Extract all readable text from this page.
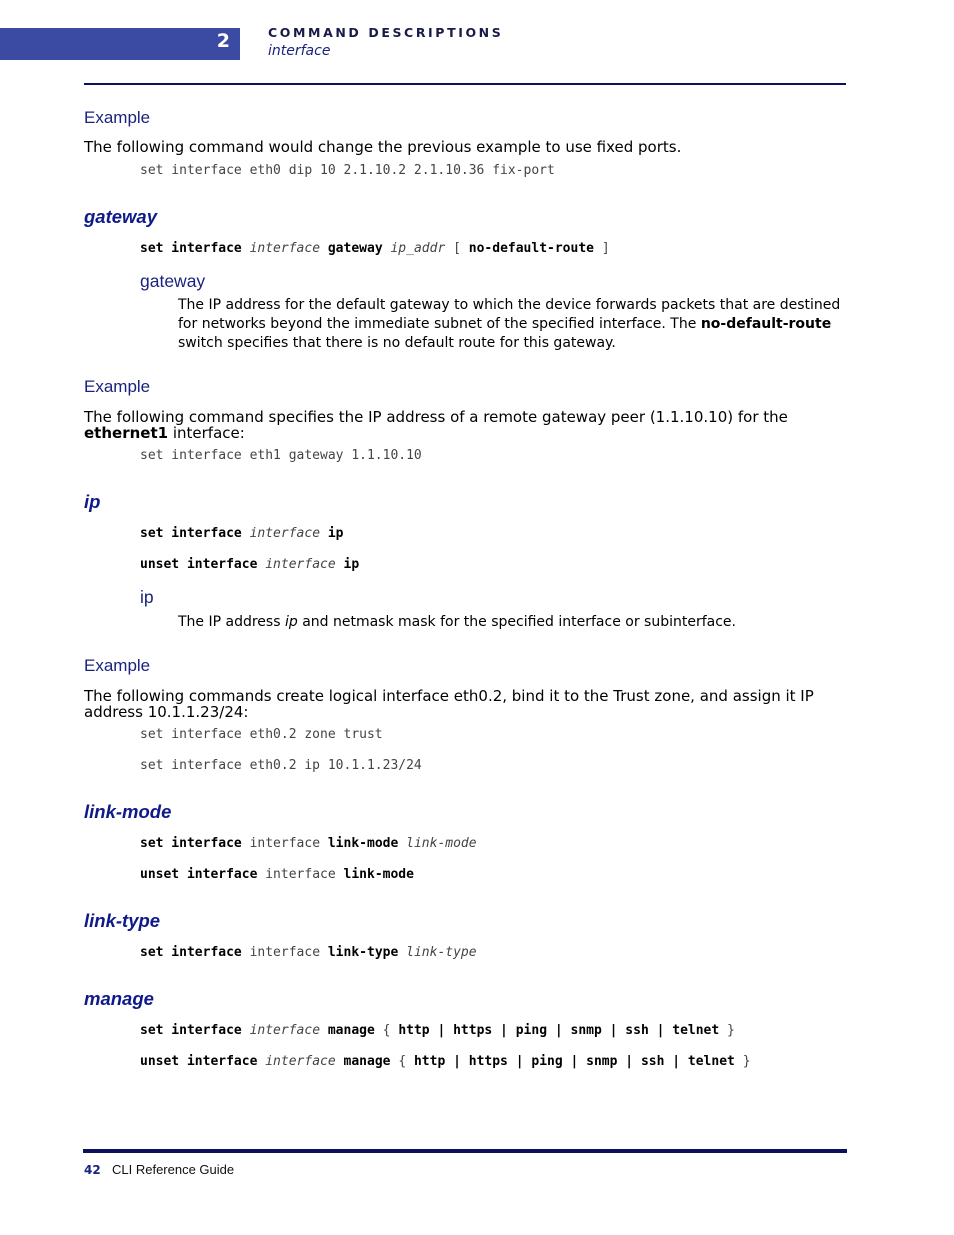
2	COMMAND DESCRIPTIONS
interface
Example
The following command would change the previous example to use fixed ports.
set interface eth0 dip 10 2.1.10.2 2.1.10.36 fix-port
gateway
set interface interface gateway ip_addr [ no-default-route ]
gateway
The IP address for the default gateway to which the device forwards packets that are destined for networks beyond the immediate subnet of the specified interface. The no-default-route switch specifies that there is no default route for this gateway.
Example
The following command specifies the IP address of a remote gateway peer (1.1.10.10) for the ethernet1 interface:
set interface eth1 gateway 1.1.10.10
ip
set interface interface ip
unset interface interface ip
ip
The IP address ip and netmask mask for the specified interface or subinterface.
Example
The following commands create logical interface eth0.2, bind it to the Trust zone, and assign it IP address 10.1.1.23/24:
set interface eth0.2 zone trust
set interface eth0.2 ip 10.1.1.23/24
link-mode
set interface interface link-mode link-mode
unset interface interface link-mode
link-type
set interface interface link-type link-type
manage
set interface interface manage { http | https | ping | snmp | ssh | telnet }
unset interface interface manage { http | https | ping | snmp | ssh | telnet }
42 CLI Reference Guide
